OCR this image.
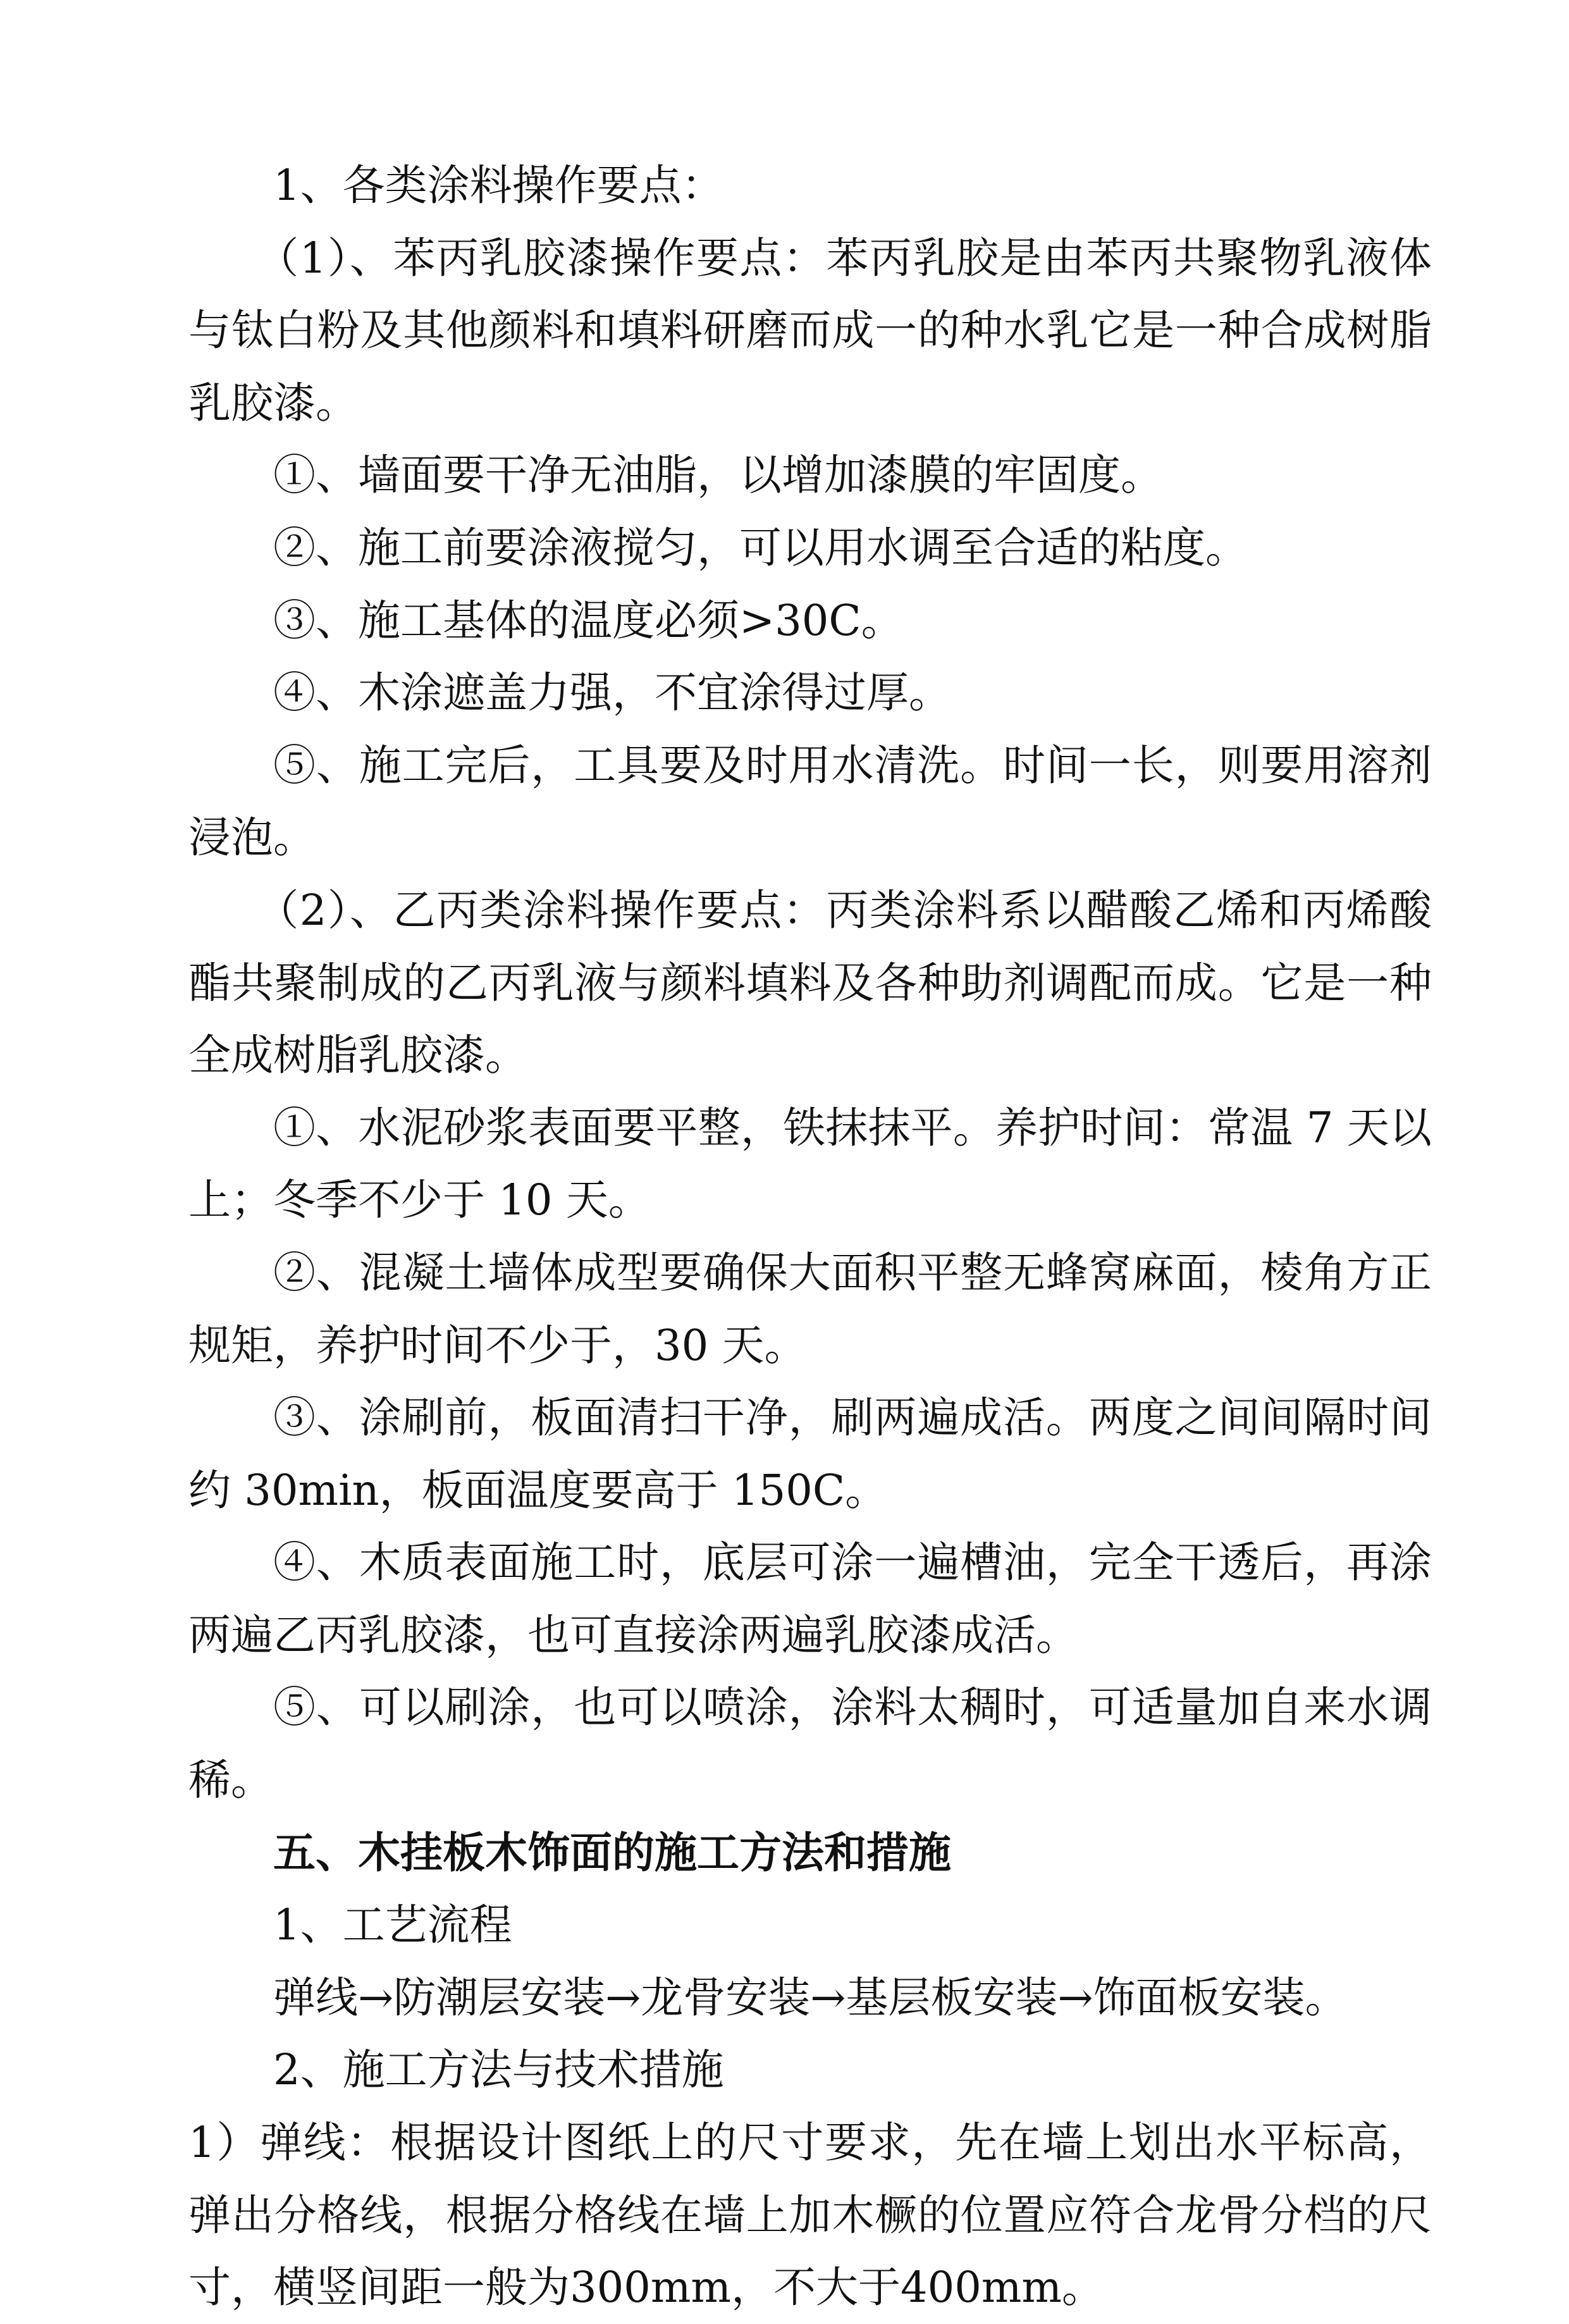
1、各类涂料操作要点：

（1）、苯丙乳胶漆操作要点：苯丙乳胶是由苯丙共聚物乳液体与钛白粉及其他颜料和填料研磨而成一的种水乳它是一种合成树脂乳胶漆。

①、墙面要干净无油脂，以增加漆膜的牢固度。

②、施工前要涂液搅匀，可以用水调至合适的粘度。

③、施工基体的温度必须>30C。

④、木涂遮盖力强，不宜涂得过厚。

⑤、施工完后，工具要及时用水清洗。时间一长，则要用溶剂浸泡。

（2）、乙丙类涂料操作要点：丙类涂料系以醋酸乙烯和丙烯酸酯共聚制成的乙丙乳液与颜料填料及各种助剂调配而成。它是一种全成树脂乳胶漆。

①、水泥砂浆表面要平整，铁抹抹平。养护时间：常温 7 天以上；冬季不少于 10 天。

②、混凝土墙体成型要确保大面积平整无蜂窝麻面，棱角方正规矩，养护时间不少于，30 天。

③、涂刷前，板面清扫干净，刷两遍成活。两度之间间隔时间约 30min，板面温度要高于 150C。

④、木质表面施工时，底层可涂一遍槽油，完全干透后，再涂两遍乙丙乳胶漆，也可直接涂两遍乳胶漆成活。

⑤、可以刷涂，也可以喷涂，涂料太稠时，可适量加自来水调稀。

五、木挂板木饰面的施工方法和措施

1、工艺流程

弹线→防潮层安装→龙骨安装→基层板安装→饰面板安装。

2、施工方法与技术措施

1）弹线：根据设计图纸上的尺寸要求，先在墙上划出水平标高，弹出分格线，根据分格线在墙上加木橛的位置应符合龙骨分档的尺寸，横竖间距一般为300mm，不大于400mm。
